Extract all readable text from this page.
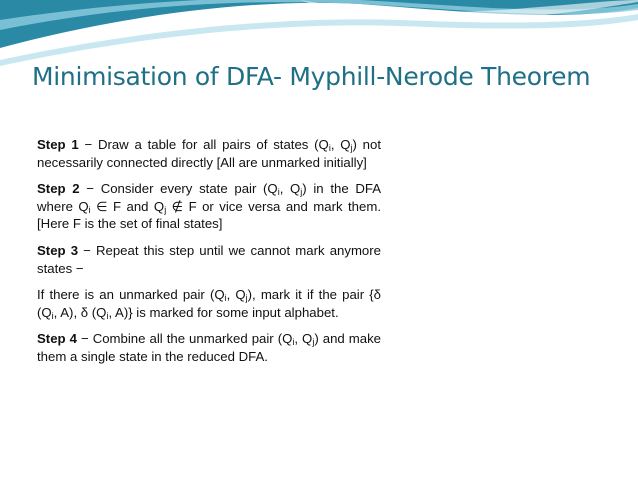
Minimisation of DFA- Myphill-Nerode Theorem

Step 1 − Draw a table for all pairs of states ($Q_i$, $Q_j$) not necessarily connected directly [All are unmarked initially]

Step 2 − Consider every state pair ($Q_i$, $Q_j$) in the DFA where $Q_i$ ∈ F and $Q_j$ ∉ F or vice versa and mark them. [Here F is the set of final states]

Step 3 − Repeat this step until we cannot mark anymore states −

If there is an unmarked pair ($Q_i$, $Q_j$), mark it if the pair {δ ($Q_i$, A), δ ($Q_i$, A)} is marked for some input alphabet.

Step 4 − Combine all the unmarked pair ($Q_i$, $Q_j$) and make them a single state in the reduced DFA.
